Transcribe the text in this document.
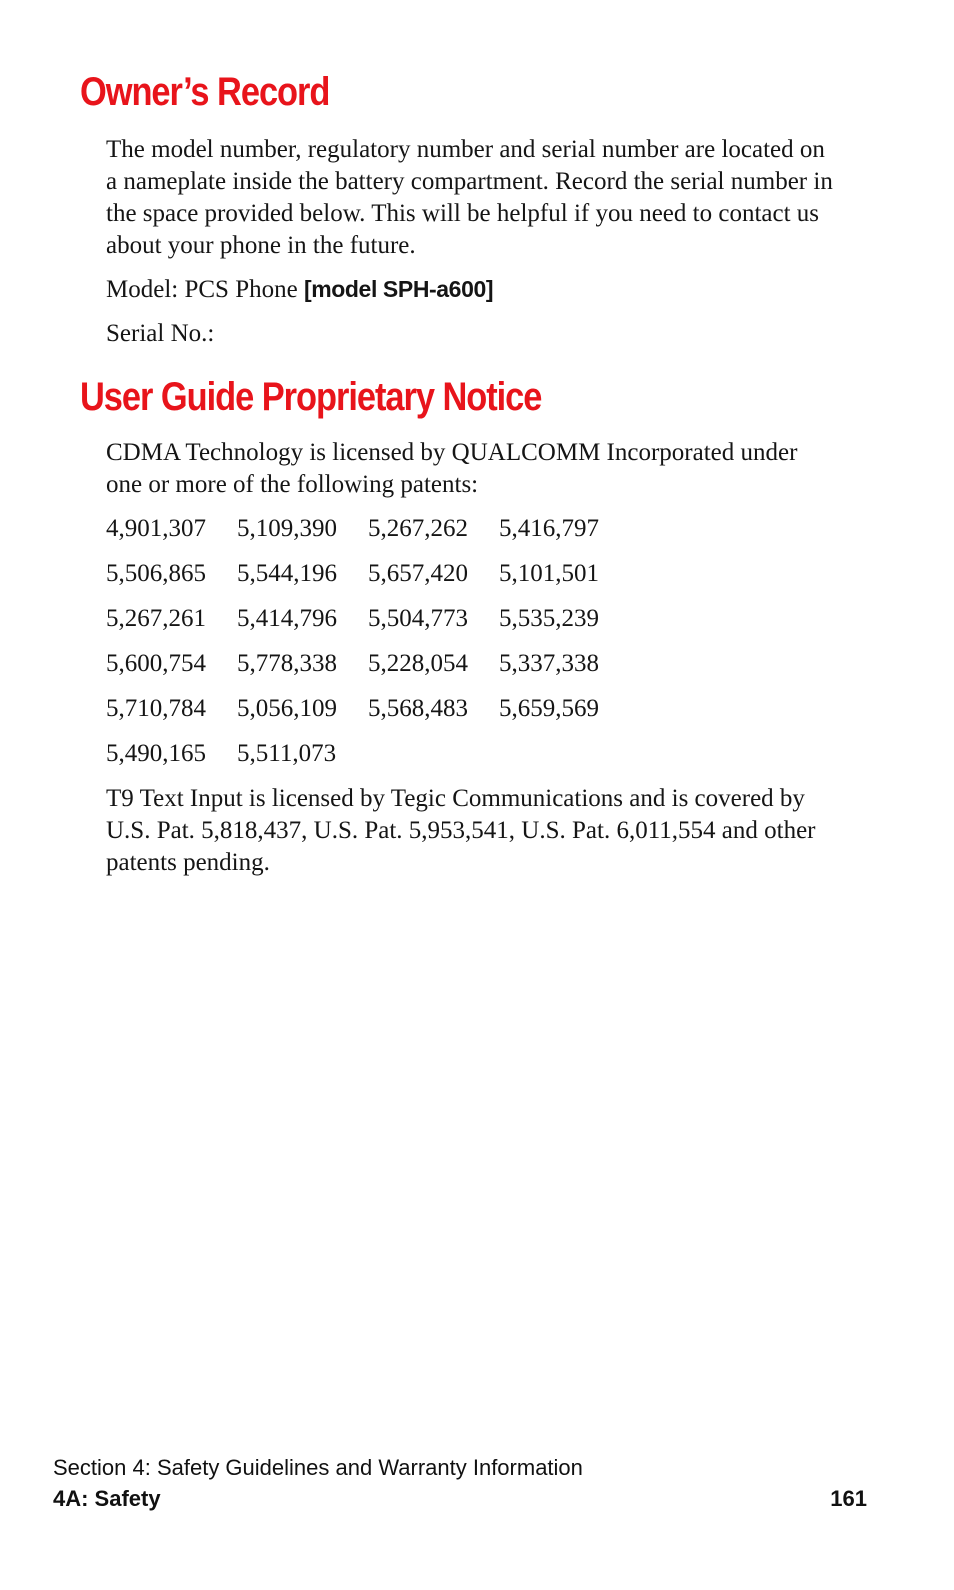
Owner’s Record

The model number, regulatory number and serial number are located on a nameplate inside the battery compartment. Record the serial number in the space provided below. This will be helpful if you need to contact us about your phone in the future.

Model: PCS Phone [model SPH-a600]
Serial No.:
User Guide Proprietary Notice

CDMA Technology is licensed by QUALCOMM Incorporated under one or more of the following patents:

4,901,307	5,109,390	5,267,262	5,416,797
5,506,865	5,544,196	5,657,420	5,101,501
5,267,261	5,414,796	5,504,773	5,535,239
5,600,754	5,778,338	5,228,054	5,337,338
5,710,784	5,056,109	5,568,483	5,659,569
5,490,165	5,511,073

T9 Text Input is licensed by Tegic Communications and is covered by U.S. Pat. 5,818,437, U.S. Pat. 5,953,541, U.S. Pat. 6,011,554 and other patents pending.

Section 4: Safety Guidelines and Warranty Information
4A: Safety	161
